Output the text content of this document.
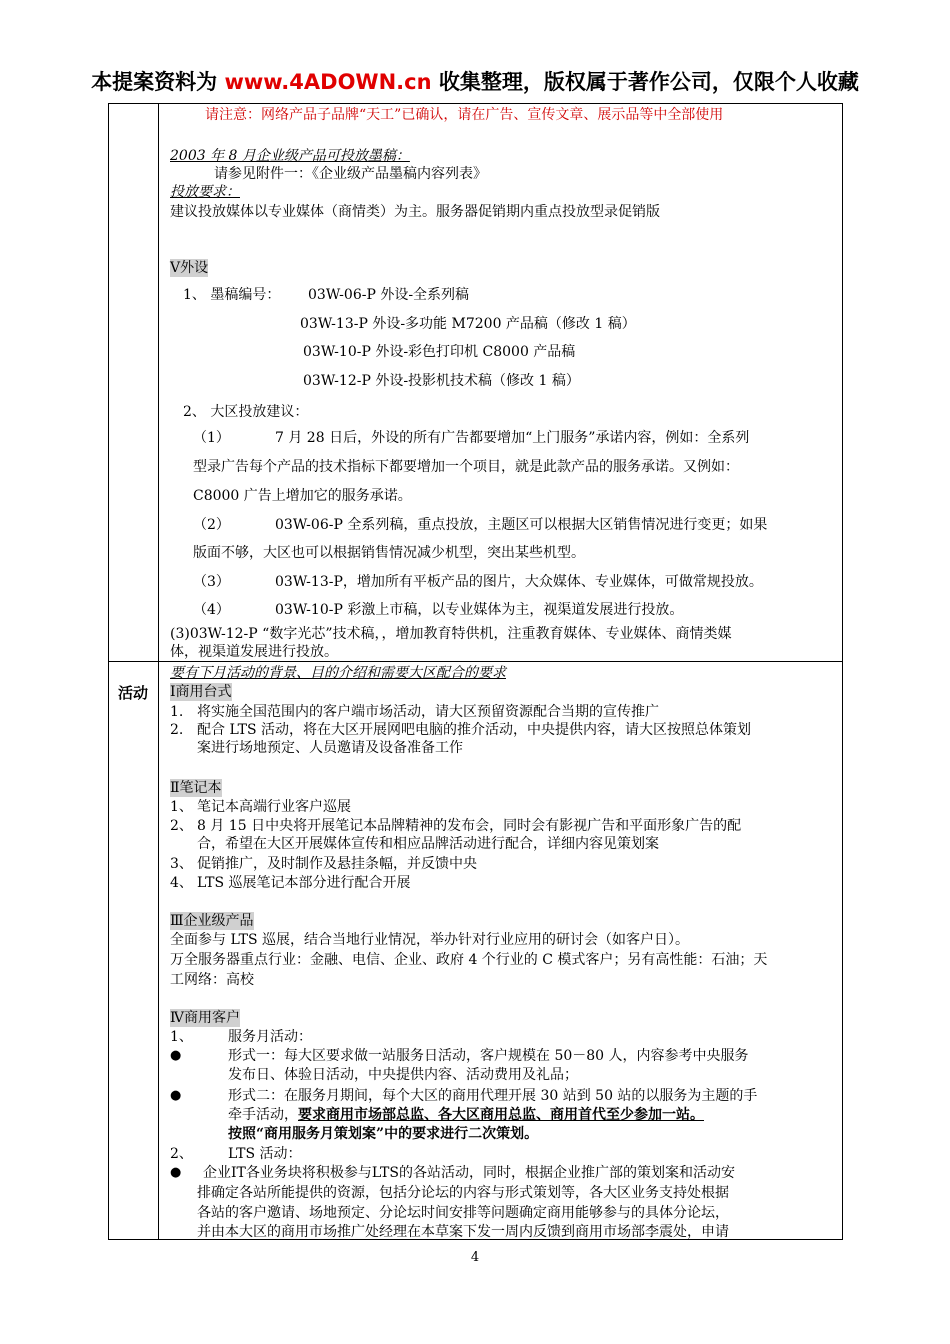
本提案资料为 www.4ADOWN.cn 收集整理，版权属于著作公司，仅限个人收藏
请注意：网络产品子品牌“天工”已确认，请在广告、宣传文章、展示品等中全部使用
2003 年 8 月企业级产品可投放墨稿：
请参见附件一：《企业级产品墨稿内容列表》
投放要求：
建议投放媒体以专业媒体（商情类）为主。服务器促销期内重点投放型录促销版
Ⅴ外设
1、 墨稿编号： 03W-06-P 外设-全系列稿
03W-13-P 外设-多功能 M7200 产品稿（修改 1 稿）
03W-10-P 外设-彩色打印机 C8000 产品稿
03W-12-P 外设-投影机技术稿（修改 1 稿）
2、 大区投放建议：
（1）	7 月 28 日后，外设的所有广告都要增加“上门服务”承诺内容，例如：全系列
型录广告每个产品的技术指标下都要增加一个项目，就是此款产品的服务承诺。又例如：
C8000 广告上增加它的服务承诺。
（2）	03W-06-P 全系列稿，重点投放，主题区可以根据大区销售情况进行变更；如果
版面不够，大区也可以根据销售情况减少机型，突出某些机型。
（3）	03W-13-P，增加所有平板产品的图片，大众媒体、专业媒体，可做常规投放。
（4）	03W-10-P 彩激上市稿，以专业媒体为主，视渠道发展进行投放。
(3)03W-12-P “数字光芯”技术稿，，增加教育特供机，注重教育媒体、专业媒体、商情类媒
体，视渠道发展进行投放。
活动
要有下月活动的背景、目的介绍和需要大区配合的要求
Ⅰ商用台式
1. 将实施全国范围内的客户端市场活动，请大区预留资源配合当期的宣传推广
2. 配合 LTS 活动，将在大区开展网吧电脑的推介活动，中央提供内容，请大区按照总体策划
案进行场地预定、人员邀请及设备准备工作
Ⅱ笔记本
1、 笔记本高端行业客户巡展
2、 8 月 15 日中央将开展笔记本品牌精神的发布会，同时会有影视广告和平面形象广告的配
合，希望在大区开展媒体宣传和相应品牌活动进行配合，详细内容见策划案
3、 促销推广，及时制作及悬挂条幅，并反馈中央
4、 LTS 巡展笔记本部分进行配合开展
Ⅲ企业级产品
全面参与 LTS 巡展，结合当地行业情况，举办针对行业应用的研讨会（如客户日）。
万全服务器重点行业：金融、电信、企业、政府 4 个行业的 C 模式客户；另有高性能：石油；天
工网络：高校
Ⅳ商用客户
1、	服务月活动：
●	形式一：每大区要求做一站服务日活动，客户规模在 50－80 人，内容参考中央服务
发布日、体验日活动，中央提供内容、活动费用及礼品；
●	形式二：在服务月期间，每个大区的商用代理开展 30 站到 50 站的以服务为主题的手
牵手活动，要求商用市场部总监、各大区商用总监、商用首代至少参加一站。
按照“商用服务月策划案”中的要求进行二次策划。
2、	LTS 活动：
● 企业IT各业务块将积极参与LTS的各站活动，同时，根据企业推广部的策划案和活动安
排确定各站所能提供的资源，包括分论坛的内容与形式策划等，各大区业务支持处根据
各站的客户邀请、场地预定、分论坛时间安排等问题确定商用能够参与的具体分论坛，
并由本大区的商用市场推广处经理在本草案下发一周内反馈到商用市场部李震处，申请
4
